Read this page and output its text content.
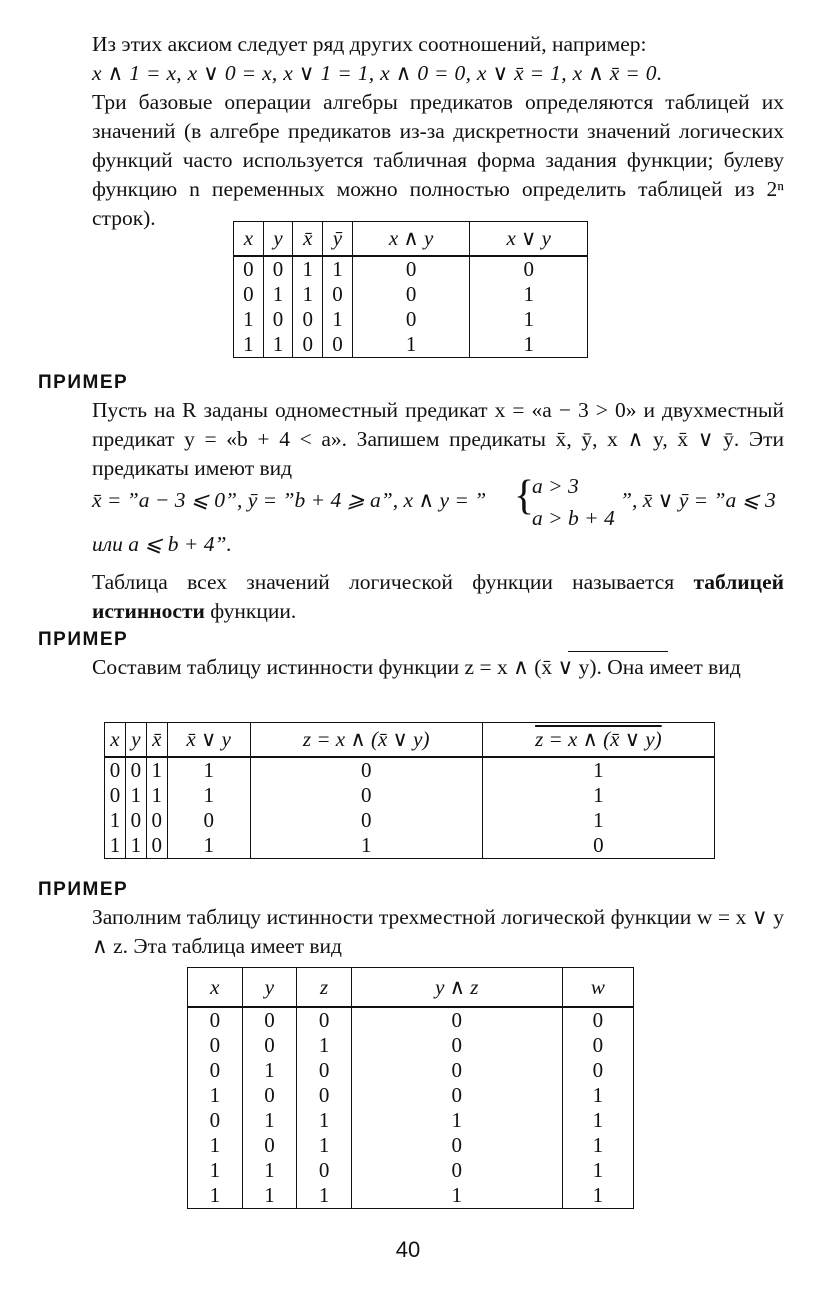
Из этих аксиом следует ряд других соотношений, например:
x ∧ 1 = x, x ∨ 0 = x, x ∨ 1 = 1, x ∧ 0 = 0, x ∨ x̄ = 1, x ∧ x̄ = 0.
Три базовые операции алгебры предикатов определяются таблицей их значений (в алгебре предикатов из-за дискретности значений логических функций часто используется табличная форма задания функции; булеву функцию n переменных можно полностью определить таблицей из 2ⁿ строк).
x	y	x̄	ȳ	x ∧ y	x ∨ y
0	0	1	1	0	0
0	1	1	0	0	1
1	0	0	1	0	1
1	1	0	0	1	1
ПРИМЕР
Пусть на R заданы одноместный предикат x = «a − 3 > 0» и двухместный предикат y = «b + 4 < a». Запишем предикаты x̄, ȳ, x ∧ y, x̄ ∨ ȳ. Эти предикаты имеют вид
x̄ = ”a − 3 ⩽ 0”, ȳ = ”b + 4 ⩾ a”, x ∧ y = ” {
a > 3
a > b + 4
”, x̄ ∨ ȳ = ”a ⩽ 3
или a ⩽ b + 4”.
Таблица всех значений логической функции называется таблицей истинности функции.
ПРИМЕР
Составим таблицу истинности функции z = x ∧ (x̄ ∨ y). Она имеет вид
x	y	x̄	x̄ ∨ y	z = x ∧ (x̄ ∨ y)	z = x ∧ (x̄ ∨ y)
0	0	1	1	0	1
0	1	1	1	0	1
1	0	0	0	0	1
1	1	0	1	1	0
ПРИМЕР
Заполним таблицу истинности трехместной логической функции w = x ∨ y ∧ z. Эта таблица имеет вид
x	y	z	y ∧ z	w
0	0	0	0	0
0	0	1	0	0
0	1	0	0	0
1	0	0	0	1
0	1	1	1	1
1	0	1	0	1
1	1	0	0	1
1	1	1	1	1
40
